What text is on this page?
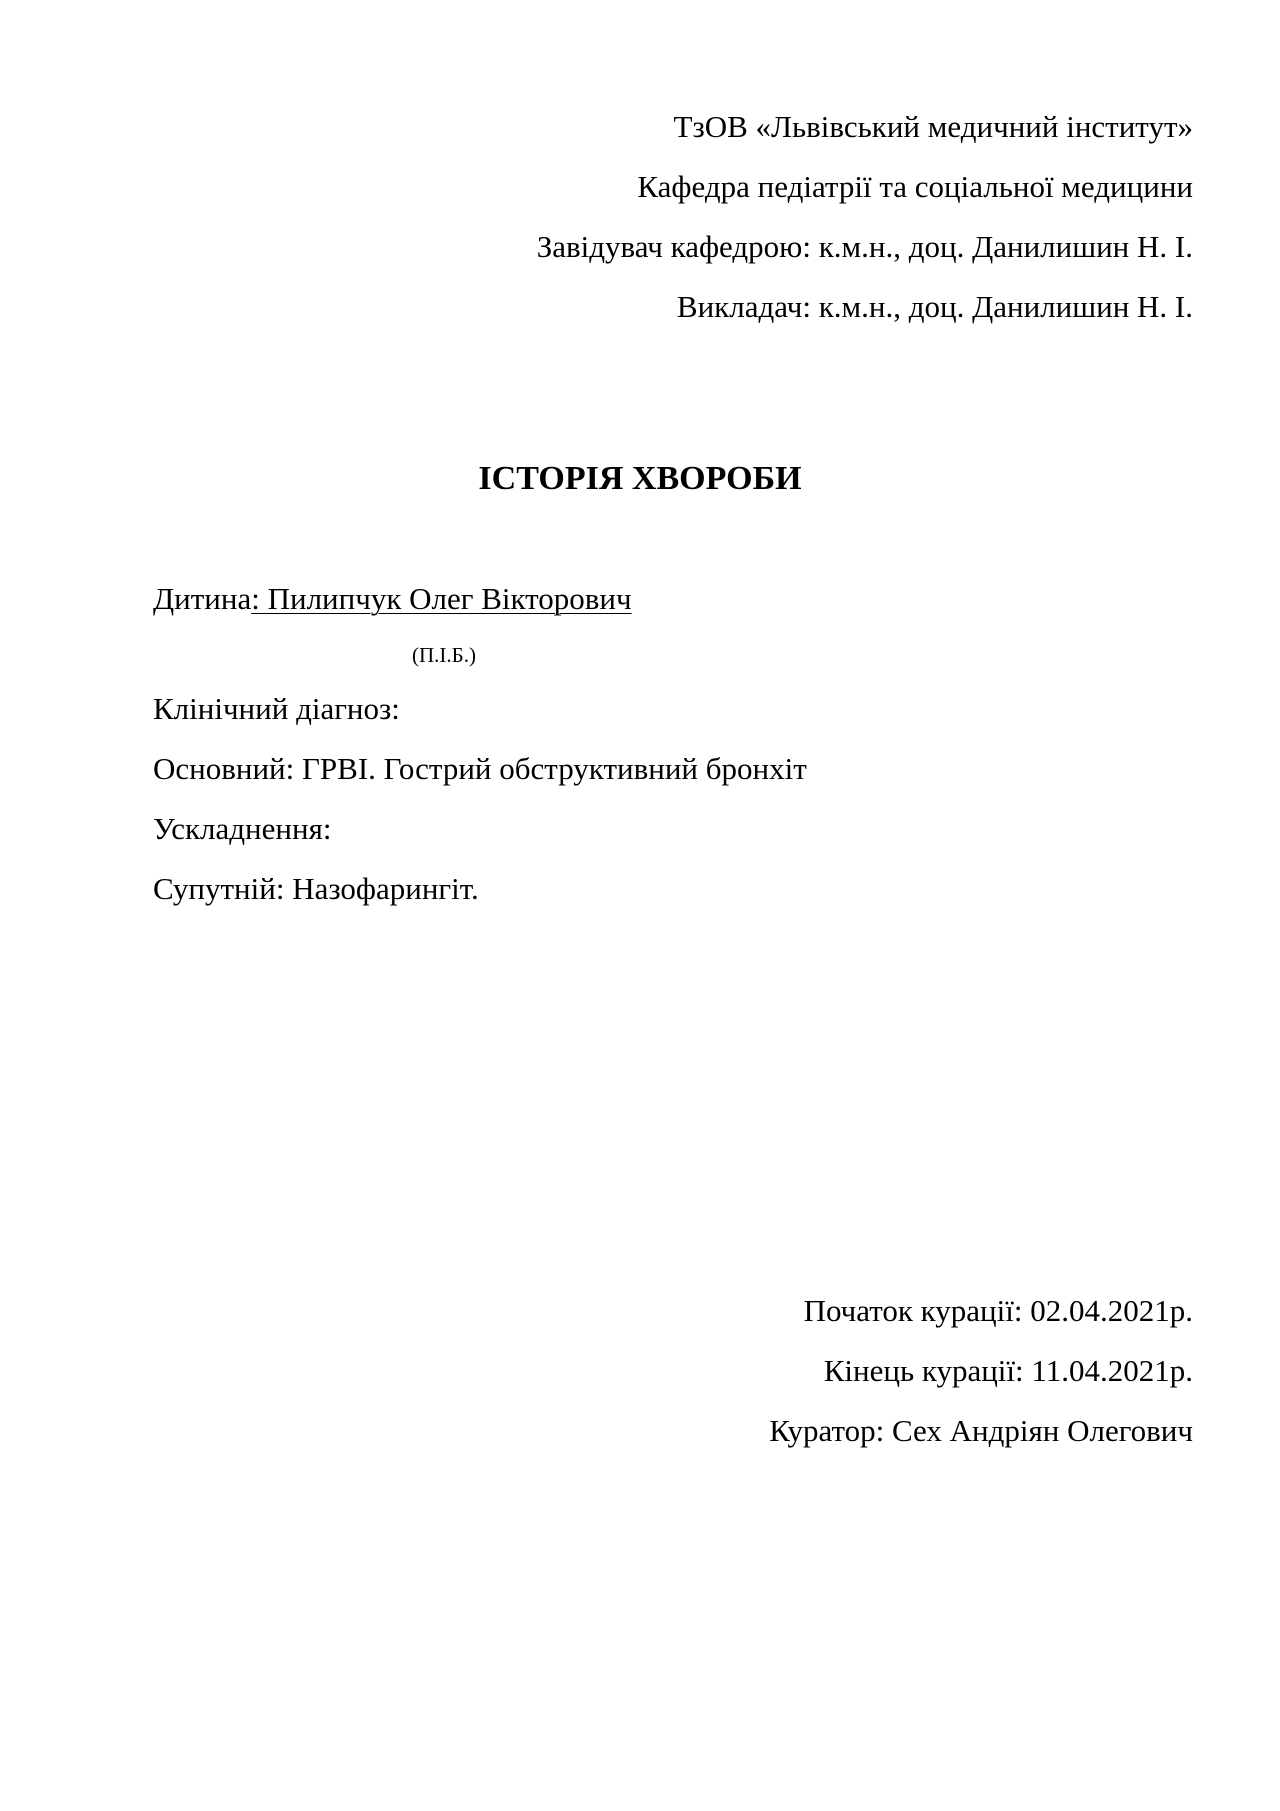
ТзОВ «Львівський медичний інститут»
Кафедра педіатрії та соціальної медицини
Завідувач кафедрою: к.м.н., доц. Данилишин Н. І.
Викладач: к.м.н., доц. Данилишин Н. І.
ІСТОРІЯ ХВОРОБИ
Дитина: Пилипчук Олег Вікторович
(П.І.Б.)
Клінічний діагноз:
Основний: ГРВІ. Гострий обструктивний бронхіт
Ускладнення:
Супутній: Назофарингіт.
Початок курації: 02.04.2021р.
Кінець курації: 11.04.2021р.
Куратор: Сех Андріян Олегович
